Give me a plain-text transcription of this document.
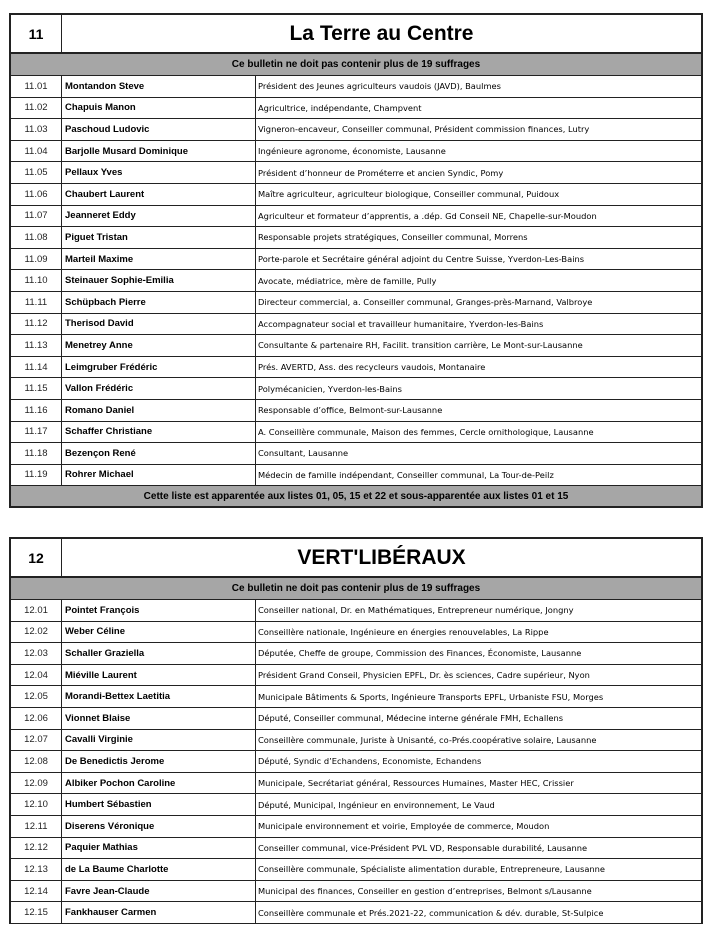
11	La Terre au Centre
Ce bulletin ne doit pas contenir plus de 19 suffrages
11.01	Montandon Steve	Président des Jeunes agriculteurs vaudois (JAVD), Baulmes
11.02	Chapuis Manon	Agricultrice, indépendante, Champvent
11.03	Paschoud Ludovic	Vigneron-encaveur, Conseiller communal, Président commission finances, Lutry
11.04	Barjolle Musard Dominique	Ingénieure agronome, économiste, Lausanne
11.05	Pellaux Yves	Président d’honneur de Prométerre et ancien Syndic, Pomy
11.06	Chaubert Laurent	Maître agriculteur, agriculteur biologique, Conseiller communal, Puidoux
11.07	Jeanneret Eddy	Agriculteur et formateur d’apprentis, a .dép. Gd Conseil NE, Chapelle-sur-Moudon
11.08	Piguet Tristan	Responsable projets stratégiques, Conseiller communal, Morrens
11.09	Marteil Maxime	Porte-parole et Secrétaire général adjoint du Centre Suisse, Yverdon-Les-Bains
11.10	Steinauer Sophie-Emilia	Avocate, médiatrice, mère de famille, Pully
11.11	Schüpbach Pierre	Directeur commercial, a. Conseiller communal, Granges-près-Marnand, Valbroye
11.12	Therisod David	Accompagnateur social et travailleur humanitaire, Yverdon-les-Bains
11.13	Menetrey Anne	Consultante & partenaire RH, Facilit. transition carrière, Le Mont-sur-Lausanne
11.14	Leimgruber Frédéric	Prés. AVERTD, Ass. des recycleurs vaudois, Montanaire
11.15	Vallon Frédéric	Polymécanicien, Yverdon-les-Bains
11.16	Romano Daniel	Responsable d’office, Belmont-sur-Lausanne
11.17	Schaffer Christiane	A. Conseillère communale, Maison des femmes, Cercle ornithologique, Lausanne
11.18	Bezençon René	Consultant, Lausanne
11.19	Rohrer Michael	Médecin de famille indépendant, Conseiller communal, La Tour-de-Peilz
Cette liste est apparentée aux listes 01, 05, 15 et 22 et sous-apparentée aux listes 01 et 15
12	VERT'LIBÉRAUX
Ce bulletin ne doit pas contenir plus de 19 suffrages
12.01	Pointet François	Conseiller national, Dr. en Mathématiques, Entrepreneur numérique, Jongny
12.02	Weber Céline	Conseillère nationale, Ingénieure en énergies renouvelables, La Rippe
12.03	Schaller Graziella	Députée, Cheffe de groupe, Commission des Finances, Économiste, Lausanne
12.04	Miéville Laurent	Président Grand Conseil, Physicien EPFL, Dr. ès sciences, Cadre supérieur, Nyon
12.05	Morandi-Bettex Laetitia	Municipale Bâtiments & Sports, Ingénieure Transports EPFL, Urbaniste FSU, Morges
12.06	Vionnet Blaise	Député, Conseiller communal, Médecine interne générale FMH, Echallens
12.07	Cavalli Virginie	Conseillère communale, Juriste à Unisanté, co-Prés.coopérative solaire, Lausanne
12.08	De Benedictis Jerome	Député, Syndic d’Echandens, Economiste, Echandens
12.09	Albiker Pochon Caroline	Municipale, Secrétariat général, Ressources Humaines, Master HEC, Crissier
12.10	Humbert Sébastien	Député, Municipal, Ingénieur en environnement, Le Vaud
12.11	Diserens Véronique	Municipale environnement et voirie, Employée de commerce, Moudon
12.12	Paquier Mathias	Conseiller communal, vice-Président PVL VD, Responsable durabilité, Lausanne
12.13	de La Baume Charlotte	Conseillère communale, Spécialiste alimentation durable, Entrepreneure, Lausanne
12.14	Favre Jean-Claude	Municipal des finances, Conseiller en gestion d’entreprises, Belmont s/Lausanne
12.15	Fankhauser Carmen	Conseillère communale et Prés.2021-22, communication & dév. durable, St-Sulpice
